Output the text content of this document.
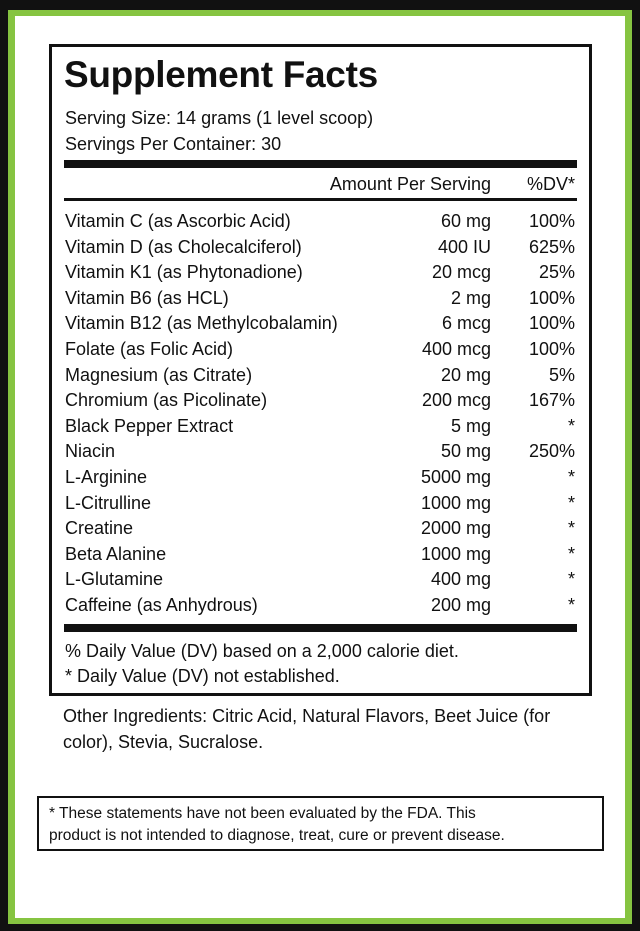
Supplement Facts
Serving Size: 14 grams (1 level scoop)
Servings Per Container: 30
Amount Per Serving %DV*
Vitamin C (as Ascorbic Acid)	60 mg 100%
Vitamin D (as Cholecalciferol)	400 IU 625%
Vitamin K1 (as Phytonadione)	20 mcg	25%
Vitamin B6 (as HCL)	2 mg 100%
Vitamin B12 (as Methylcobalamin)	6 mcg 100%
Folate (as Folic Acid)	400 mcg 100%
Magnesium (as Citrate)	20 mg	5%
Chromium (as Picolinate)	200 mcg 167%
Black Pepper Extract	5 mg	*
Niacin	50 mg 250%
L-Arginine	5000 mg	*
L-Citrulline	1000 mg	*
Creatine	2000 mg	*
Beta Alanine	1000 mg	*
L-Glutamine	400 mg	*
Caffeine (as Anhydrous)	200 mg	*
% Daily Value (DV) based on a 2,000 calorie diet.
* Daily Value (DV) not established.
Other Ingredients: Citric Acid, Natural Flavors, Beet Juice (for color), Stevia, Sucralose.
* These statements have not been evaluated by the FDA. This
product is not intended to diagnose, treat, cure or prevent disease.
